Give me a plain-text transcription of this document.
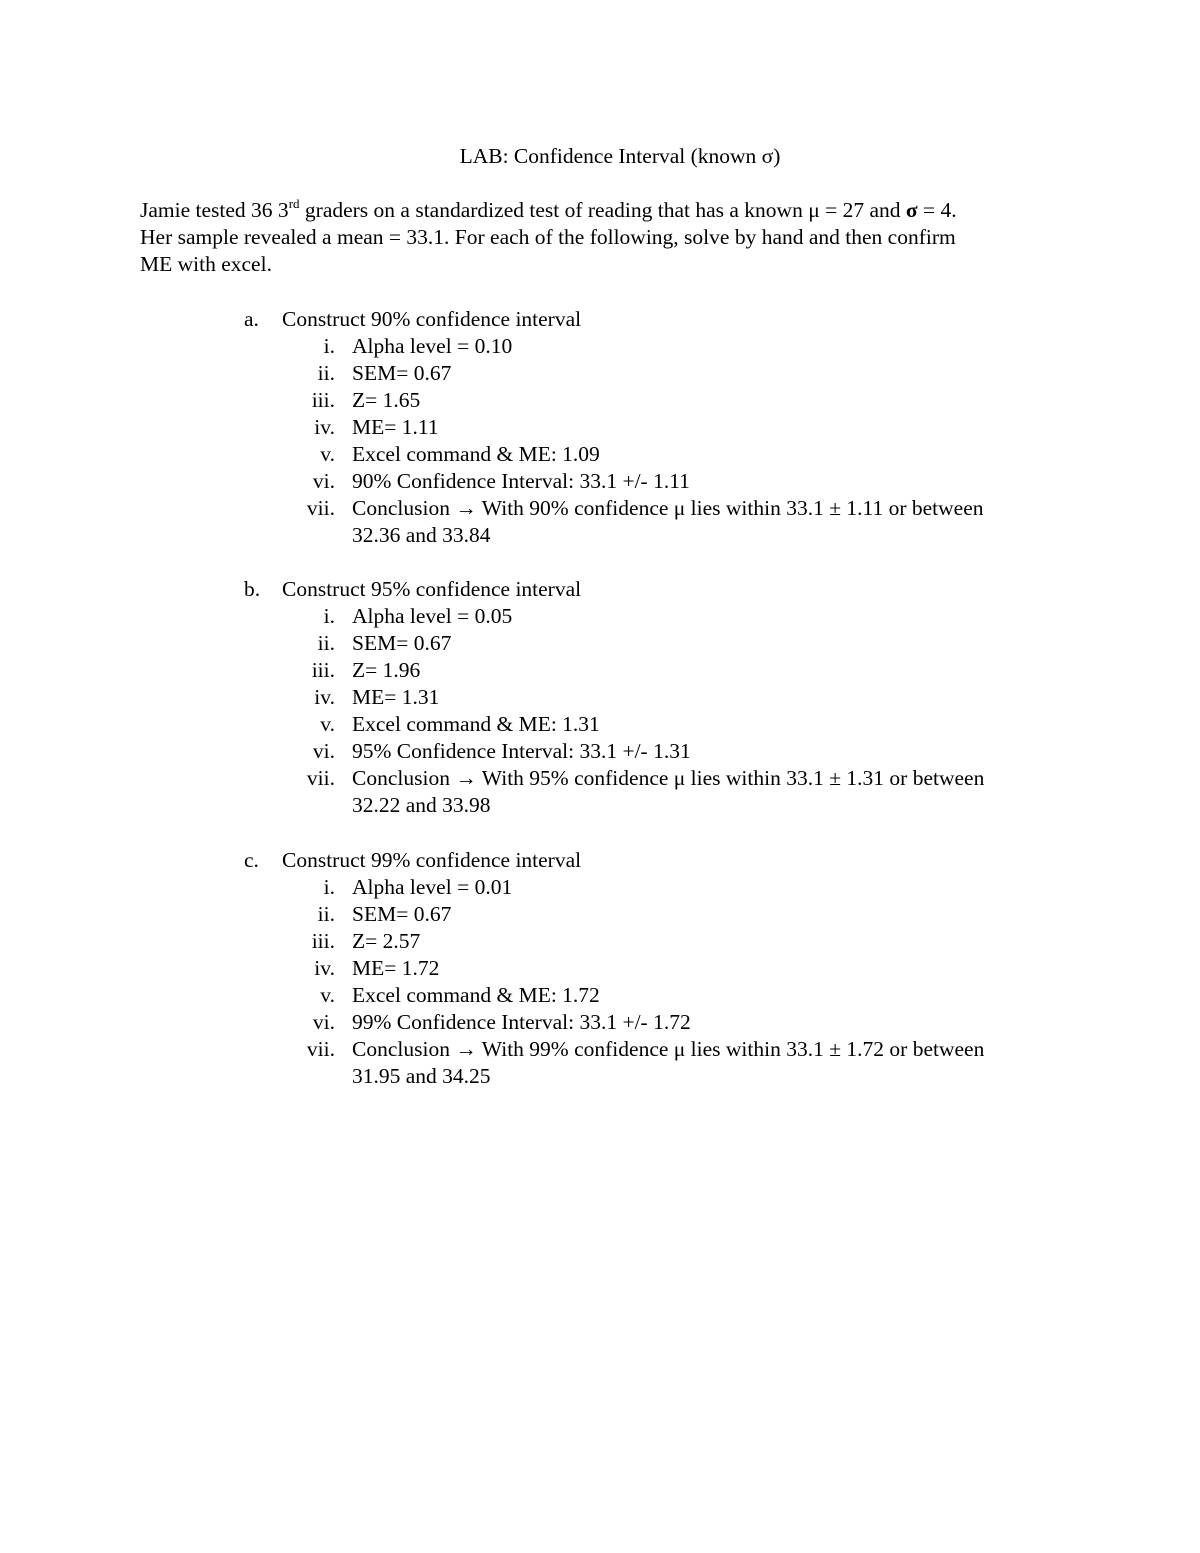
LAB: Confidence Interval (known σ)
Jamie tested 36 3rd graders on a standardized test of reading that has a known μ = 27 and σ = 4.
Her sample revealed a mean = 33.1. For each of the following, solve by hand and then confirm
ME with excel.
a.	Construct 90% confidence interval
i. Alpha level = 0.10
ii. SEM= 0.67
iii. Z= 1.65
iv. ME= 1.11
v. Excel command & ME: 1.09
vi. 90% Confidence Interval: 33.1 +/- 1.11
vii. Conclusion → With 90% confidence μ lies within 33.1 ± 1.11 or between
32.36 and 33.84
b.	Construct 95% confidence interval
i. Alpha level = 0.05
ii. SEM= 0.67
iii. Z= 1.96
iv. ME= 1.31
v. Excel command & ME: 1.31
vi. 95% Confidence Interval: 33.1 +/- 1.31
vii. Conclusion → With 95% confidence μ lies within 33.1 ± 1.31 or between
32.22 and 33.98
c.	Construct 99% confidence interval
i. Alpha level = 0.01
ii. SEM= 0.67
iii. Z= 2.57
iv. ME= 1.72
v. Excel command & ME: 1.72
vi. 99% Confidence Interval: 33.1 +/- 1.72
vii. Conclusion → With 99% confidence μ lies within 33.1 ± 1.72 or between
31.95 and 34.25
